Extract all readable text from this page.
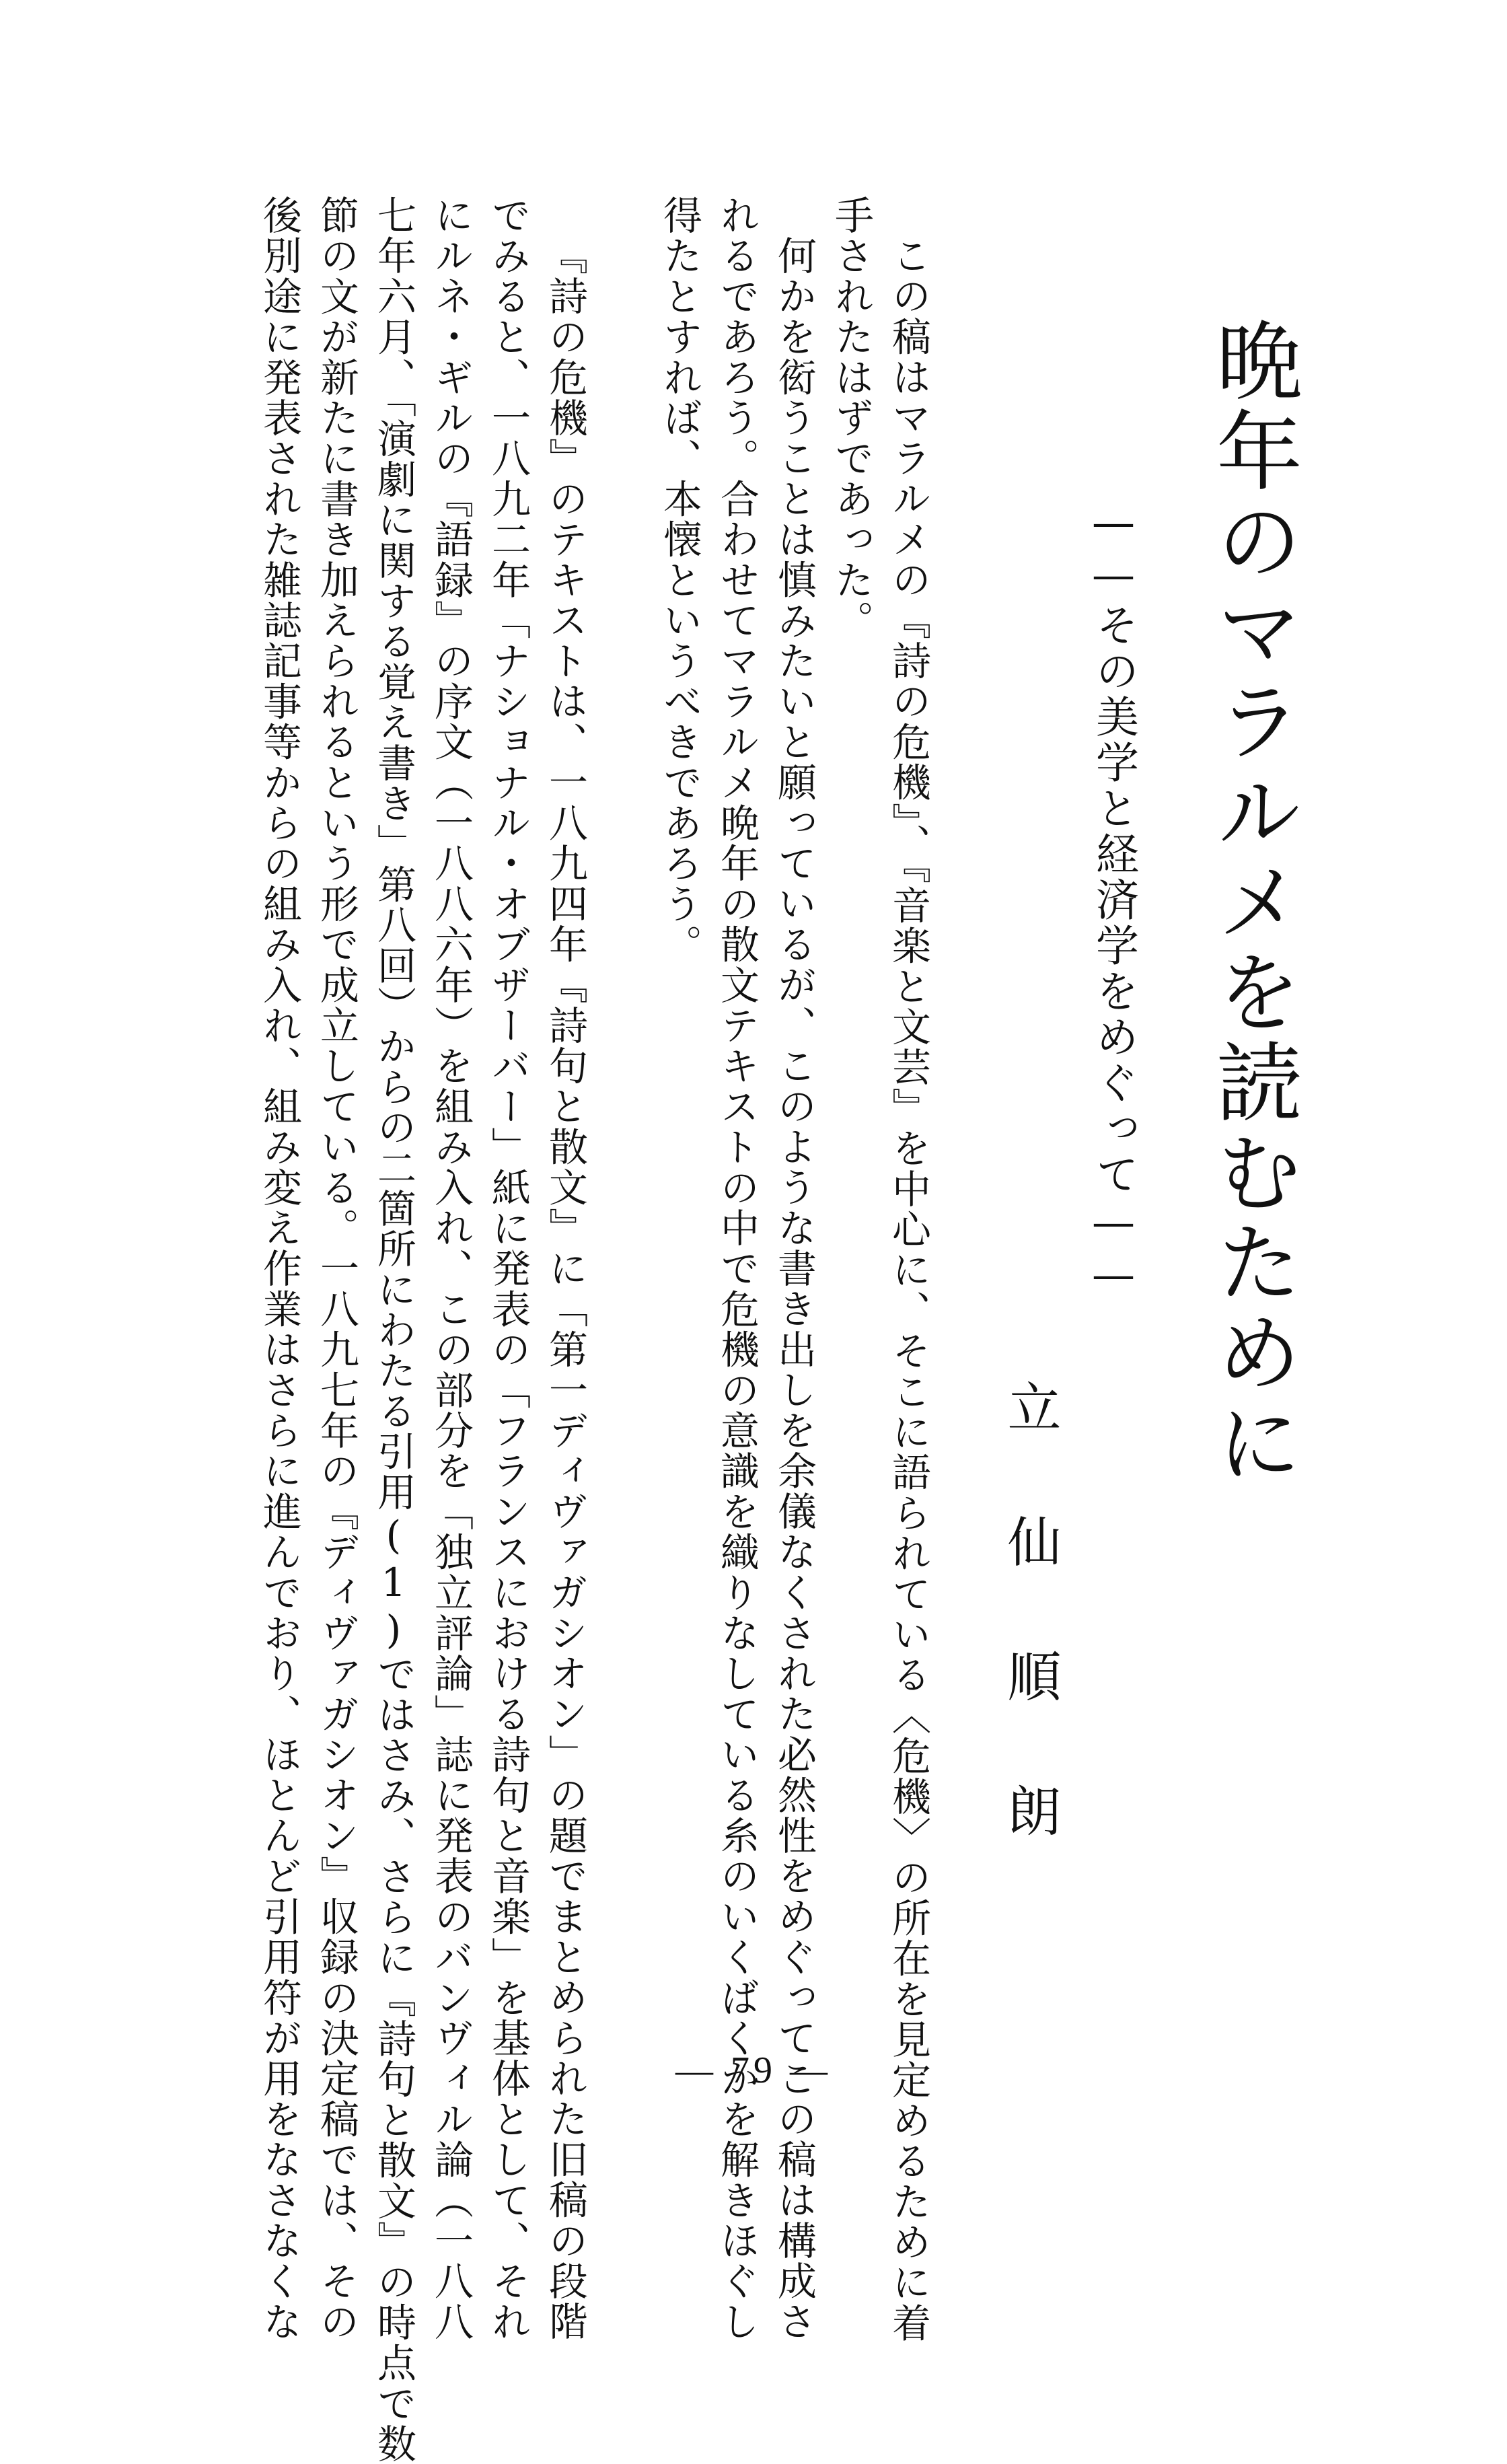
晩年のマラルメを読むために
——その美学と経済学をめぐって——
立仙順朗
この稿はマラルメの『詩の危機』、『音楽と文芸』を中心に、そこに語られている〈危機〉の所在を見定めるために着
手されたはずであった。
何かを衒うことは慎みたいと願っているが、このような書き出しを余儀なくされた必然性をめぐってこの稿は構成さ
れるであろう。合わせてマラルメ晩年の散文テキストの中で危機の意識を織りなしている糸のいくばくかを解きほぐし
得たとすれば、本懐というべきであろう。
『詩の危機』のテキストは、一八九四年『詩句と散文』に「第一ディヴァガシオン」の題でまとめられた旧稿の段階
でみると、一八九二年「ナショナル・オブザーバー」紙に発表の「フランスにおける詩句と音楽」を基体として、それ
にルネ・ギルの『語録』の序文（一八八六年）を組み入れ、この部分を「独立評論」誌に発表のバンヴィル論（一八八
七年六月、「演劇に関する覚え書き」第八回）からの二箇所にわたる引用(1)ではさみ、さらに『詩句と散文』の時点で数
節の文が新たに書き加えられるという形で成立している。一八九七年の『ディヴァガシオン』収録の決定稿では、その
後別途に発表された雑誌記事等からの組み入れ、組み変え作業はさらに進んでおり、ほとんど引用符が用をなさなくな	— 79 —
